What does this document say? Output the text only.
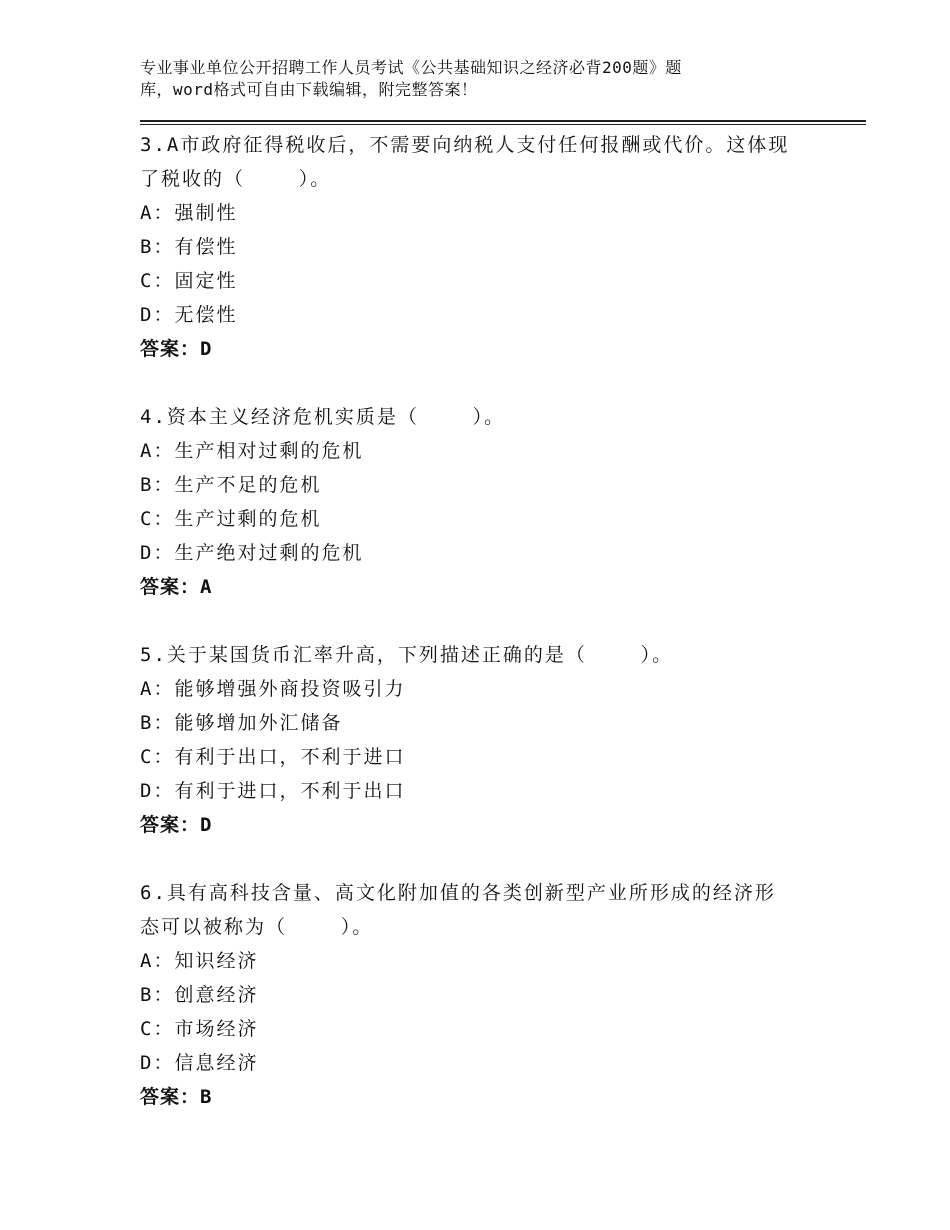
专业事业单位公开招聘工作人员考试《公共基础知识之经济必背200题》题
库，word格式可自由下载编辑，附完整答案！
3.A市政府征得税收后，不需要向纳税人支付任何报酬或代价。这体现
了税收的（    ）。
A：强制性
B：有偿性
C：固定性
D：无偿性
答案：D
4.资本主义经济危机实质是（    ）。
A：生产相对过剩的危机
B：生产不足的危机
C：生产过剩的危机
D：生产绝对过剩的危机
答案：A
5.关于某国货币汇率升高，下列描述正确的是（    ）。
A：能够增强外商投资吸引力
B：能够增加外汇储备
C：有利于出口，不利于进口
D：有利于进口，不利于出口
答案：D
6.具有高科技含量、高文化附加值的各类创新型产业所形成的经济形
态可以被称为（    ）。
A：知识经济
B：创意经济
C：市场经济
D：信息经济
答案：B
